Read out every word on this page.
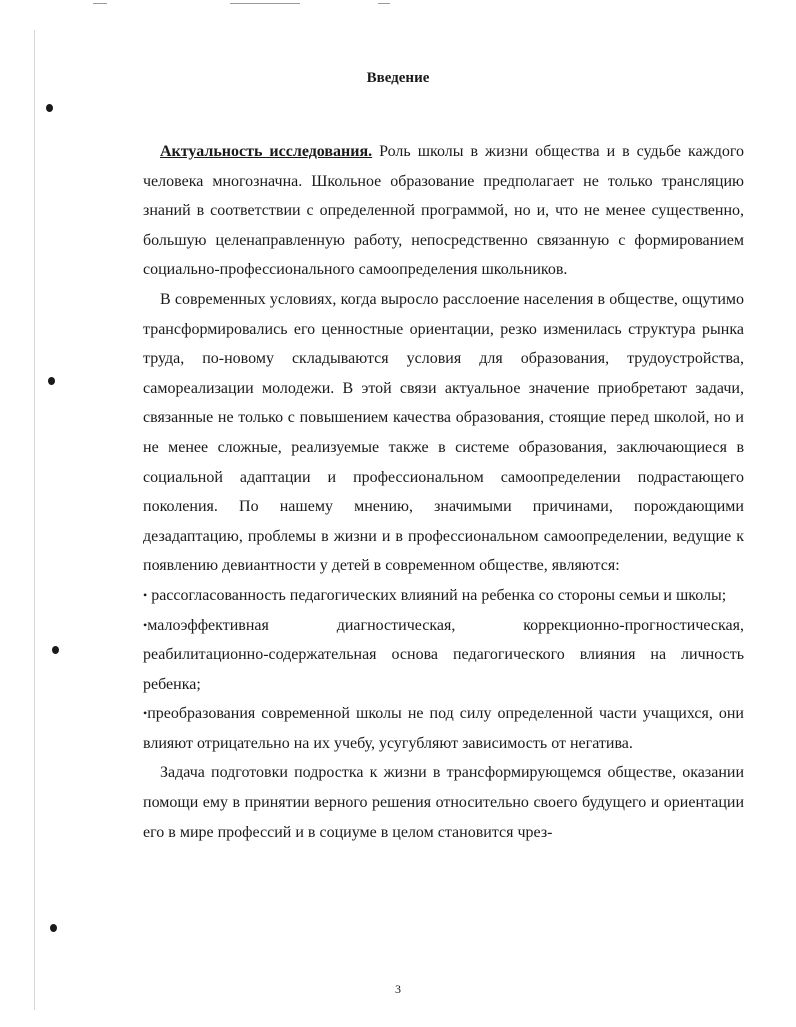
Введение

Актуальность исследования. Роль школы в жизни общества и в судьбе каждого человека многозначна. Школьное образование предполагает не только трансляцию знаний в соответствии с определенной программой, но и, что не менее существенно, большую целенаправленную работу, непосредственно связанную с формированием социально-профессионального самоопределения школьников.

В современных условиях, когда выросло расслоение населения в обществе, ощутимо трансформировались его ценностные ориентации, резко изменилась структура рынка труда, по-новому складываются условия для образования, трудоустройства, самореализации молодежи. В этой связи актуальное значение приобретают задачи, связанные не только с повышением качества образования, стоящие перед школой, но и не менее сложные, реализуемые также в системе образования, заключающиеся в социальной адаптации и профессиональном самоопределении подрастающего поколения. По нашему мнению, значимыми причинами, порождающими дезадаптацию, проблемы в жизни и в профессиональном самоопределении, ведущие к появлению девиантности у детей в современном обществе, являются:

• рассогласованность педагогических влияний на ребенка со стороны семьи и школы;

•малоэффективная диагностическая, коррекционно-прогностическая, реабилитационно-содержательная основа педагогического влияния на личность ребенка;

•преобразования современной школы не под силу определенной части учащихся, они влияют отрицательно на их учебу, усугубляют зависимость от негатива.

Задача подготовки подростка к жизни в трансформирующемся обществе, оказании помощи ему в принятии верного решения относительно своего будущего и ориентации его в мире профессий и в социуме в целом становится чрез-

3
